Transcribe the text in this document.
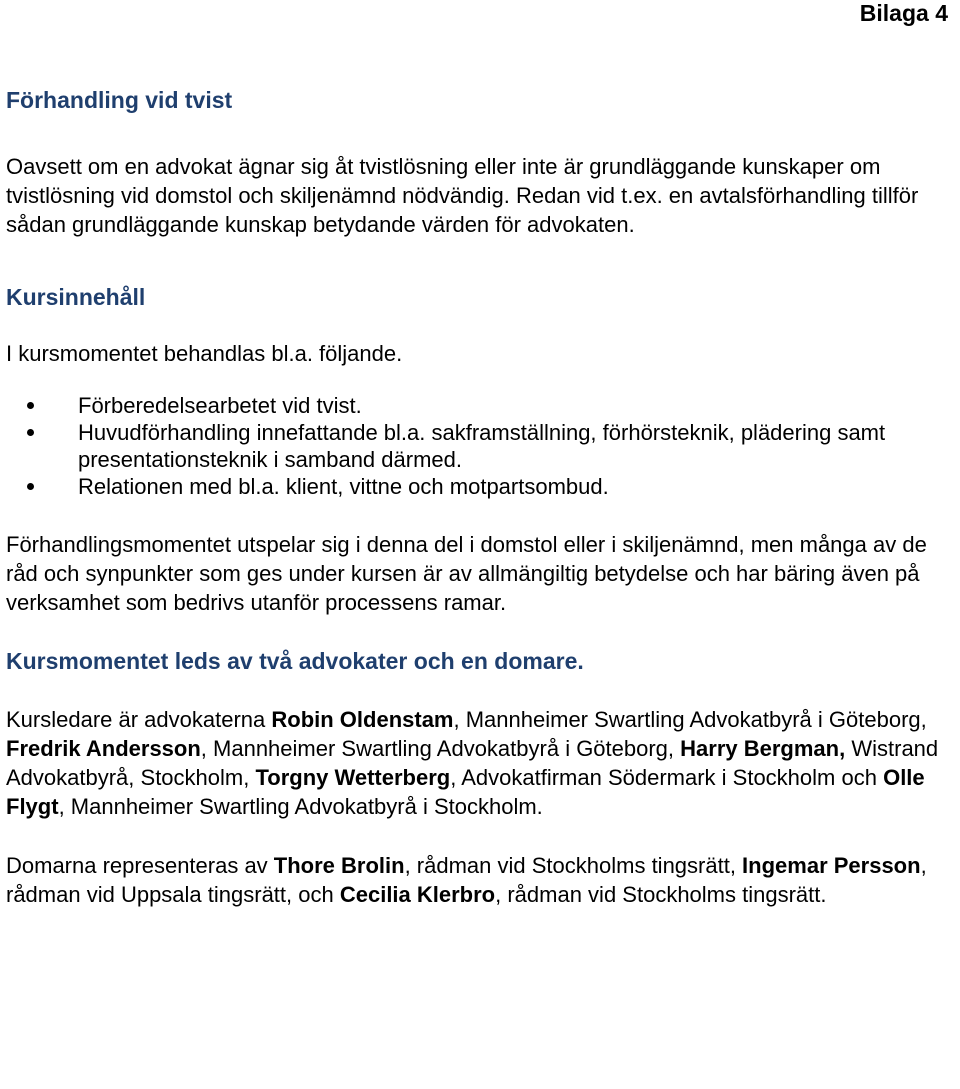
Bilaga 4
Förhandling vid tvist

Oavsett om en advokat ägnar sig åt tvistlösning eller inte är grundläggande kunskaper om tvistlösning vid domstol och skiljenämnd nödvändig. Redan vid t.ex. en avtalsförhandling tillför sådan grundläggande kunskap betydande värden för advokaten.

Kursinnehåll

I kursmomentet behandlas bl.a. följande.

Förberedelsearbetet vid tvist.
Huvudförhandling innefattande bl.a. sakframställning, förhörsteknik, plädering samt presentationsteknik i samband därmed.
Relationen med bl.a. klient, vittne och motpartsombud.

Förhandlingsmomentet utspelar sig i denna del i domstol eller i skiljenämnd, men många av de råd och synpunkter som ges under kursen är av allmängiltig betydelse och har bäring även på verksamhet som bedrivs utanför processens ramar.

Kursmomentet leds av två advokater och en domare.

Kursledare är advokaterna Robin Oldenstam, Mannheimer Swartling Advokatbyrå i Göteborg, Fredrik Andersson, Mannheimer Swartling Advokatbyrå i Göteborg, Harry Bergman, Wistrand Advokatbyrå, Stockholm, Torgny Wetterberg, Advokatfirman Södermark i Stockholm och Olle Flygt, Mannheimer Swartling Advokatbyrå i Stockholm.

Domarna representeras av Thore Brolin, rådman vid Stockholms tingsrätt, Ingemar Persson, rådman vid Uppsala tingsrätt, och Cecilia Klerbro, rådman vid Stockholms tingsrätt.
